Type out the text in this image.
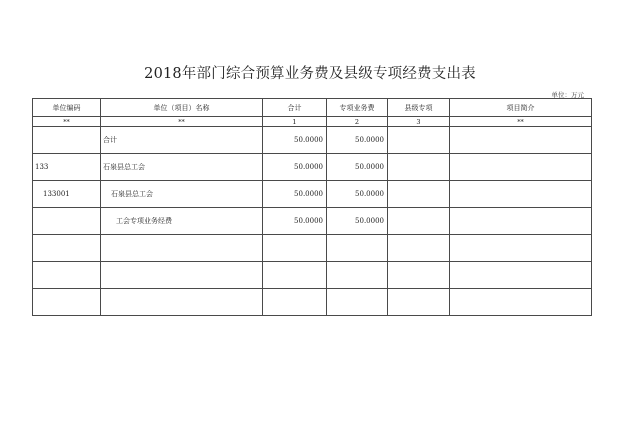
2018年部门综合预算业务费及县级专项经费支出表
单位：万元
单位编码	单位（项目）名称	合计	专项业务费	县级专项	项目简介
**	**	1	2	3	**
	合计	50.0000	50.0000		
133	石泉县总工会	50.0000	50.0000		
133001	石泉县总工会	50.0000	50.0000		
	工会专项业务经费	50.0000	50.0000		
